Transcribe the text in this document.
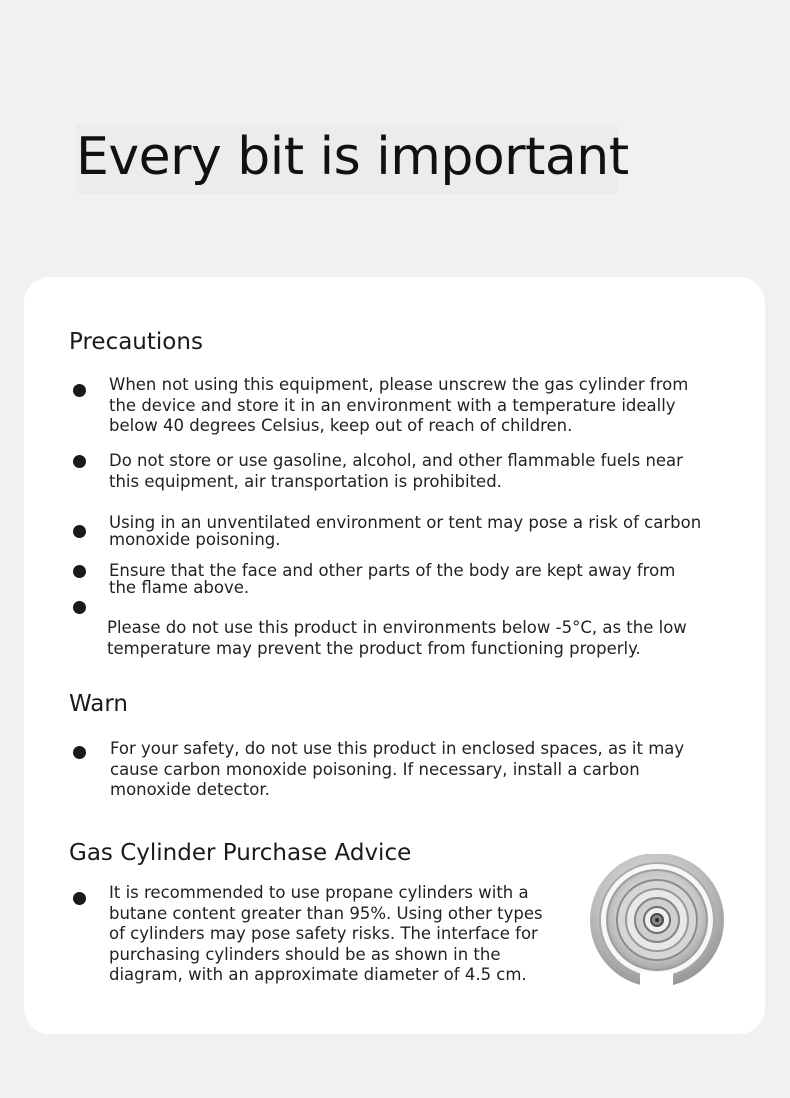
Every bit is important
Precautions
When not using this equipment, please unscrew the gas cylinder from
the device and store it in an environment with a temperature ideally
below 40 degrees Celsius, keep out of reach of children.
Do not store or use gasoline, alcohol, and other flammable fuels near
this equipment, air transportation is prohibited.
Using in an unventilated environment or tent may pose a risk of carbon
monoxide poisoning.
Ensure that the face and other parts of the body are kept away from
the flame above.
Please do not use this product in environments below -5°C, as the low
temperature may prevent the product from functioning properly.
Warn
For your safety, do not use this product in enclosed spaces, as it may
cause carbon monoxide poisoning. If necessary, install a carbon
monoxide detector.
Gas Cylinder Purchase Advice
It is recommended to use propane cylinders with a
butane content greater than 95%. Using other types
of cylinders may pose safety risks. The interface for
purchasing cylinders should be as shown in the
diagram, with an approximate diameter of 4.5 cm.
